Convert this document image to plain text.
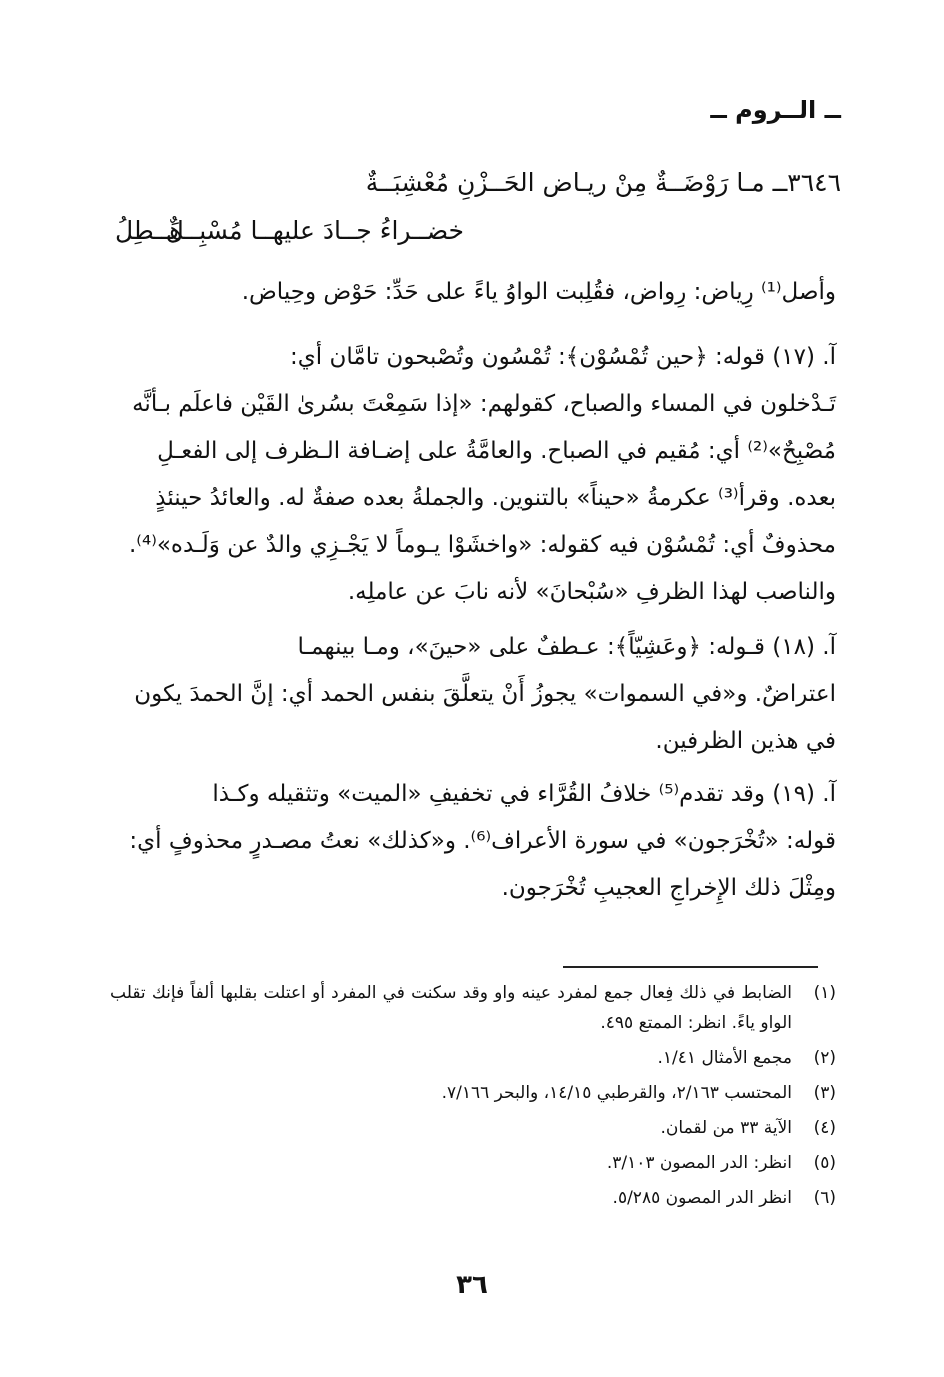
ــ الــروم ــ
٣٦٤٦ــ مـا رَوْضَــةٌ مِنْ ريـاض الحَــزْنِ مُعْشِبَــةٌ
خضــراءُ جــادَ عليهــا مُسْبِــلٌ
هَــطِلُ
وأصل⁽¹⁾ رِياض: رِواض، فقُلِبت الواوُ ياءً على حَدِّ: حَوْض وحِياض.
آ. (١٧) قوله: ﴿حين تُمْسُوْن﴾: تُمْسُون وتُصْبحون تامَّان أي:
تَـدْخلون في المساء والصباح، كقولهم: «إذا سَمِعْتَ بسُرىٰ القَيْن فاعلَم بـأنَّه
مُصْبِحٌ»⁽²⁾ أي: مُقيم في الصباح. والعامَّةُ على إضـافة الـظرف إلى الفعـلِ
بعده. وقرأ⁽³⁾ عكرمةُ «حيناً» بالتنوين. والجملةُ بعده صفةٌ له. والعائدُ حينئذٍ
محذوفٌ أي: تُمْسُوْن فيه كقوله: «واخشَوْا يـوماً لا يَجْـزِي والدٌ عن وَلَـده»⁽⁴⁾.
والناصب لهذا الظرفِ «سُبْحانَ» لأنه نابَ عن عاملِه.
آ. (١٨) قـوله: ﴿وعَشِيّاً﴾: عـطفٌ على «حينَ»، ومـا بينهمـا
اعتراضٌ. و«في السموات» يجوزُ أَنْ يتعلَّقَ بنفس الحمد أي: إنَّ الحمدَ يكون
في هذين الظرفين.
آ. (١٩) وقد تقدم⁽⁵⁾ خلافُ القُرَّاء في تخفيفِ «الميت» وتثقيله وكـذا
قوله: «تُخْرَجون» في سورة الأعراف⁽⁶⁾. و«كذلك» نعتُ مصـدرٍ محذوفٍ أي:
ومِثْلَ ذلك الإِخراجِ العجيبِ تُخْرَجون.
(١)
الضابط في ذلك فِعال جمع لمفرد عينه واو وقد سكنت في المفرد أو اعتلت بقلبها ألفاً فإنك تقلب الواو ياءً. انظر: الممتع ٤٩٥.
(٢)
مجمع الأمثال ١/٤١.
(٣)
المحتسب ٢/١٦٣، والقرطبي ١٤/١٥، والبحر ٧/١٦٦.
(٤)
الآية ٣٣ من لقمان.
(٥)
انظر: الدر المصون ٣/١٠٣.
(٦)
انظر الدر المصون ٥/٢٨٥.
٣٦
